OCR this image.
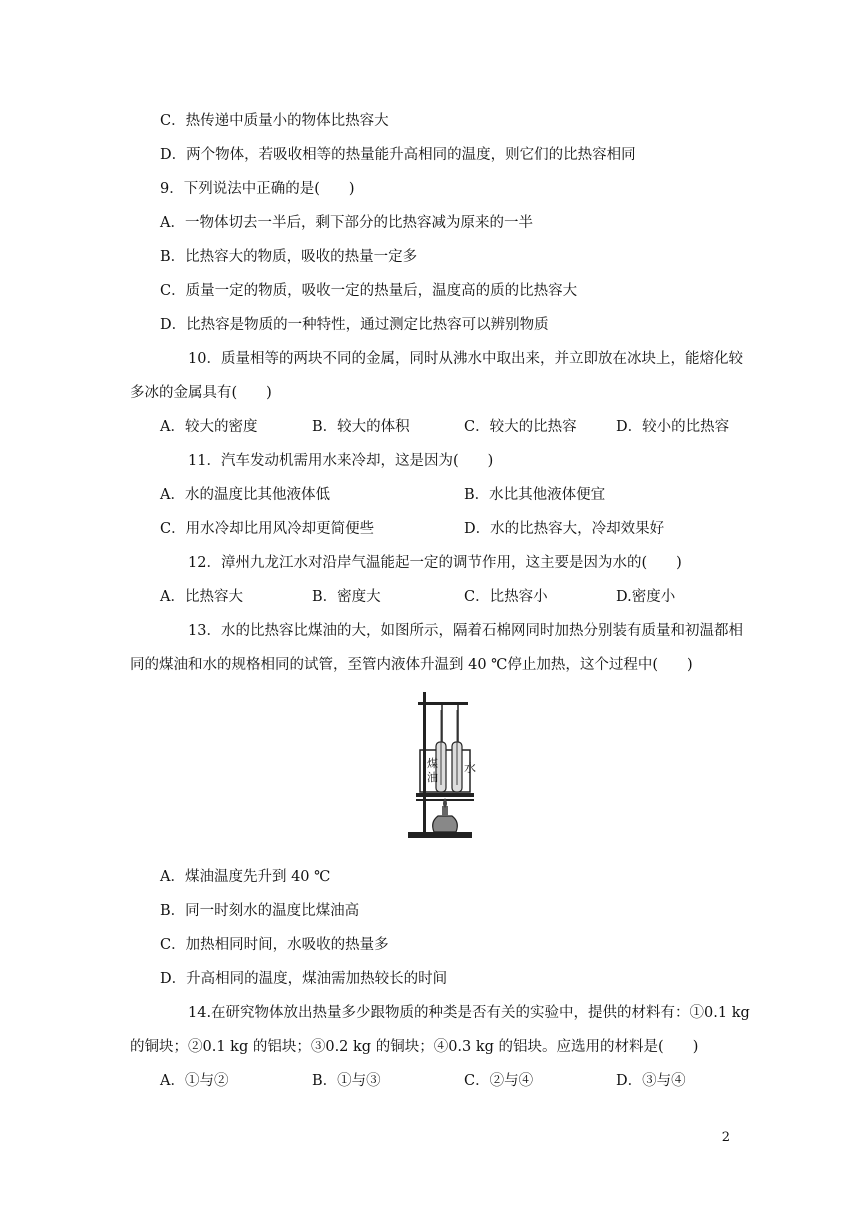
C．热传递中质量小的物体比热容大
D．两个物体，若吸收相等的热量能升高相同的温度，则它们的比热容相同
9．下列说法中正确的是(　　)
A．一物体切去一半后，剩下部分的比热容减为原来的一半
B．比热容大的物质，吸收的热量一定多
C．质量一定的物质，吸收一定的热量后，温度高的质的比热容大
D．比热容是物质的一种特性，通过测定比热容可以辨别物质
10．质量相等的两块不同的金属，同时从沸水中取出来，并立即放在冰块上，能熔化较
多冰的金属具有(　　)
A．较大的密度	B．较大的体积	C．较大的比热容	D．较小的比热容
11．汽车发动机需用水来冷却，这是因为(　　)
A．水的温度比其他液体低	B．水比其他液体便宜
C．用水冷却比用风冷却更简便些	D．水的比热容大，冷却效果好
12．漳州九龙江水对沿岸气温能起一定的调节作用，这主要是因为水的(　　)
A．比热容大	B．密度大	C．比热容小	D.密度小
13．水的比热容比煤油的大，如图所示，隔着石棉网同时加热分别装有质量和初温都相
同的煤油和水的规格相同的试管，至管内液体升温到 40 ℃停止加热，这个过程中(　　)
煤
油
水
A．煤油温度先升到 40 ℃
B．同一时刻水的温度比煤油高
C．加热相同时间，水吸收的热量多
D．升高相同的温度，煤油需加热较长的时间
14.在研究物体放出热量多少跟物质的种类是否有关的实验中，提供的材料有：①0.1 kg
的铜块；②0.1 kg 的铝块；③0.2 kg 的铜块；④0.3 kg 的铝块。应选用的材料是(　　)
A．①与②	B．①与③	C．②与④	D．③与④
2
